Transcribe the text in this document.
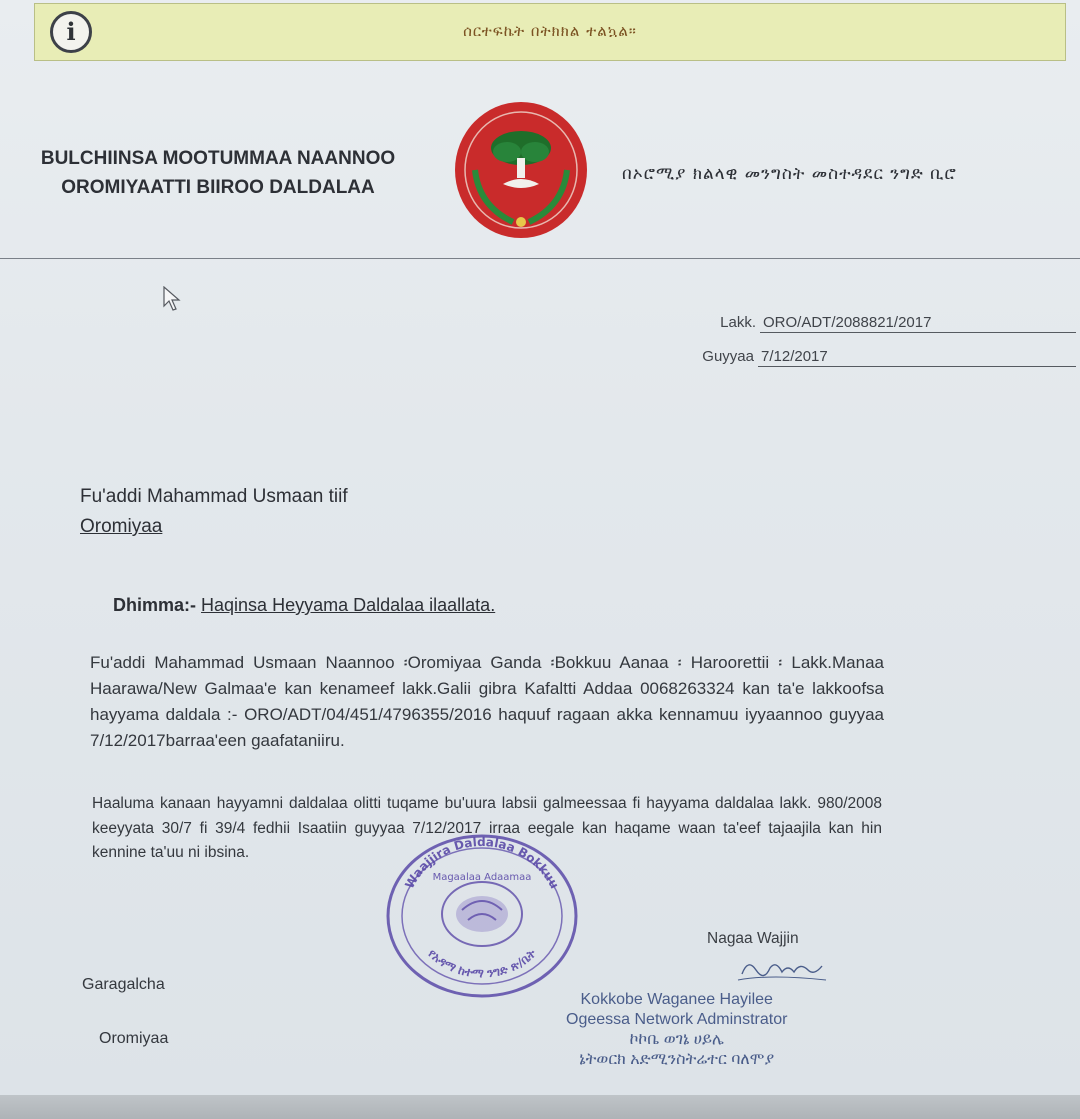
i	ሰርተፍኬት በትክክል ተልኳል።
BULCHIINSA MOOTUMMAA NAANNOO
OROMIYAATTI BIIROO DALDALAA
በኦሮሚያ ክልላዊ መንግስት መስተዳደር ንግድ ቢሮ
Lakk. ORO/ADT/2088821/2017
Guyyaa 7/12/2017
Fu'addi Mahammad Usmaan tiif
Oromiyaa
Dhimma:- Haqinsa Heyyama Daldalaa ilaallata.
Fu'addi Mahammad Usmaan Naannoo ፡Oromiyaa Ganda ፡Bokkuu Aanaa ፡ Haroorettii ፡ Lakk.Manaa Haarawa/New Galmaa'e kan kenameef lakk.Galii gibra Kafaltti Addaa 0068263324 kan ta'e lakkoofsa hayyama daldala :- ORO/ADT/04/451/4796355/2016 haquuf ragaan akka kennamuu iyyaannoo guyyaa 7/12/2017barraa'een gaafataniiru.
Haaluma kanaan hayyamni daldalaa olitti tuqame bu'uura labsii galmeessaa fi hayyama daldalaa lakk. 980/2008 keeyyata 30/7 fi 39/4 fedhii Isaatiin guyyaa 7/12/2017 irraa eegale kan haqame waan ta'eef tajaajila kan hin kennine ta'uu ni ibsina.
Waajjira Daldalaa Bokkuu
Magaalaa Adaamaa
የአዳማ ከተማ ንግድ ጽ/ቤት
Nagaa Wajjin
Kokkobe Waganee Hayilee
Ogeessa Network Adminstrator
ኮኮቤ ወገኔ ሀይሌ
ኔትወርክ አድሚንስትሬተር ባለሞያ
Garagalcha
Oromiyaa
